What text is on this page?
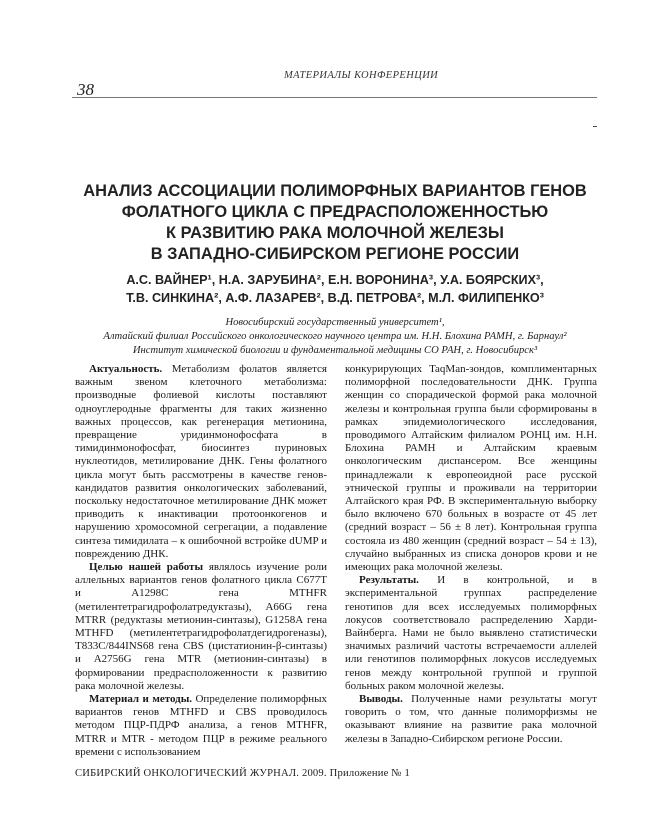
МАТЕРИАЛЫ КОНФЕРЕНЦИИ
38
АНАЛИЗ АССОЦИАЦИИ ПОЛИМОРФНЫХ ВАРИАНТОВ ГЕНОВ
ФОЛАТНОГО ЦИКЛА С ПРЕДРАСПОЛОЖЕННОСТЬЮ
К РАЗВИТИЮ РАКА МОЛОЧНОЙ ЖЕЛЕЗЫ
В ЗАПАДНО-СИБИРСКОМ РЕГИОНЕ РОССИИ
А.С. ВАЙНЕР¹, Н.А. ЗАРУБИНА², Е.Н. ВОРОНИНА³, У.А. БОЯРСКИХ³,
Т.В. СИНКИНА², А.Ф. ЛАЗАРЕВ², В.Д. ПЕТРОВА², М.Л. ФИЛИПЕНКО³
Новосибирский государственный университет¹,
Алтайский филиал Российского онкологического научного центра им. Н.Н. Блохина РАМН, г. Барнаул²
Институт химической биологии и фундаментальной медицины СО РАН, г. Новосибирск³

Актуальность. Метаболизм фолатов является важным звеном клеточного метаболизма: производные фолиевой кислоты поставляют одноуглеродные фрагменты для таких жизненно важных процессов, как регенерация метионина, превращение уридинмонофосфата в тимидинмонофосфат, биосинтез пуриновых нуклеотидов, метилирование ДНК. Гены фолатного цикла могут быть рассмотрены в качестве генов-кандидатов развития онкологических заболеваний, поскольку недостаточное метилирование ДНК может приводить к инактивации протоонкогенов и нарушению хромосомной сегрегации, а подавление синтеза тимидилата – к ошибочной встройке dUMP и повреждению ДНК.

Целью нашей работы являлось изучение роли аллельных вариантов генов фолатного цикла C677T и A1298C гена MTHFR (метилентетрагидрофолатредуктазы), A66G гена MTRR (редуктазы метионин-синтазы), G1258A гена MTHFD (метилентетрагидрофолатдегидрогеназы), T833C/844INS68 гена CBS (цистатионин-β-синтазы) и A2756G гена MTR (метионин-синтазы) в формировании предрасположенности к развитию рака молочной железы.

Материал и методы. Определение полиморфных вариантов генов MTHFD и CBS проводилось методом ПЦР-ПДРФ анализа, а генов MTHFR, MTRR и MTR - методом ПЦР в режиме реального времени с использованием

конкурирующих TaqMan-зондов, комплиментарных полиморфной последовательности ДНК. Группа женщин со спорадической формой рака молочной железы и контрольная группа были сформированы в рамках эпидемиологического исследования, проводимого Алтайским филиалом РОНЦ им. Н.Н. Блохина РАМН и Алтайским краевым онкологическим диспансером. Все женщины принадлежали к европеоидной расе русской этнической группы и проживали на территории Алтайского края РФ. В экспериментальную выборку было включено 670 больных в возрасте от 45 лет (средний возраст – 56 ± 8 лет). Контрольная группа состояла из 480 женщин (средний возраст – 54 ± 13), случайно выбранных из списка доноров крови и не имеющих рака молочной железы.

Результаты. И в контрольной, и в экспериментальной группах распределение генотипов для всех исследуемых полиморфных локусов соответствовало распределению Харди-Вайнберга. Нами не было выявлено статистически значимых различий частоты встречаемости аллелей или генотипов полиморфных локусов исследуемых генов между контрольной группой и группой больных раком молочной железы.

Выводы. Полученные нами результаты могут говорить о том, что данные полиморфизмы не оказывают влияние на развитие рака молочной железы в Западно-Сибирском регионе России.

СИБИРСКИЙ ОНКОЛОГИЧЕСКИЙ ЖУРНАЛ. 2009. Приложение № 1
